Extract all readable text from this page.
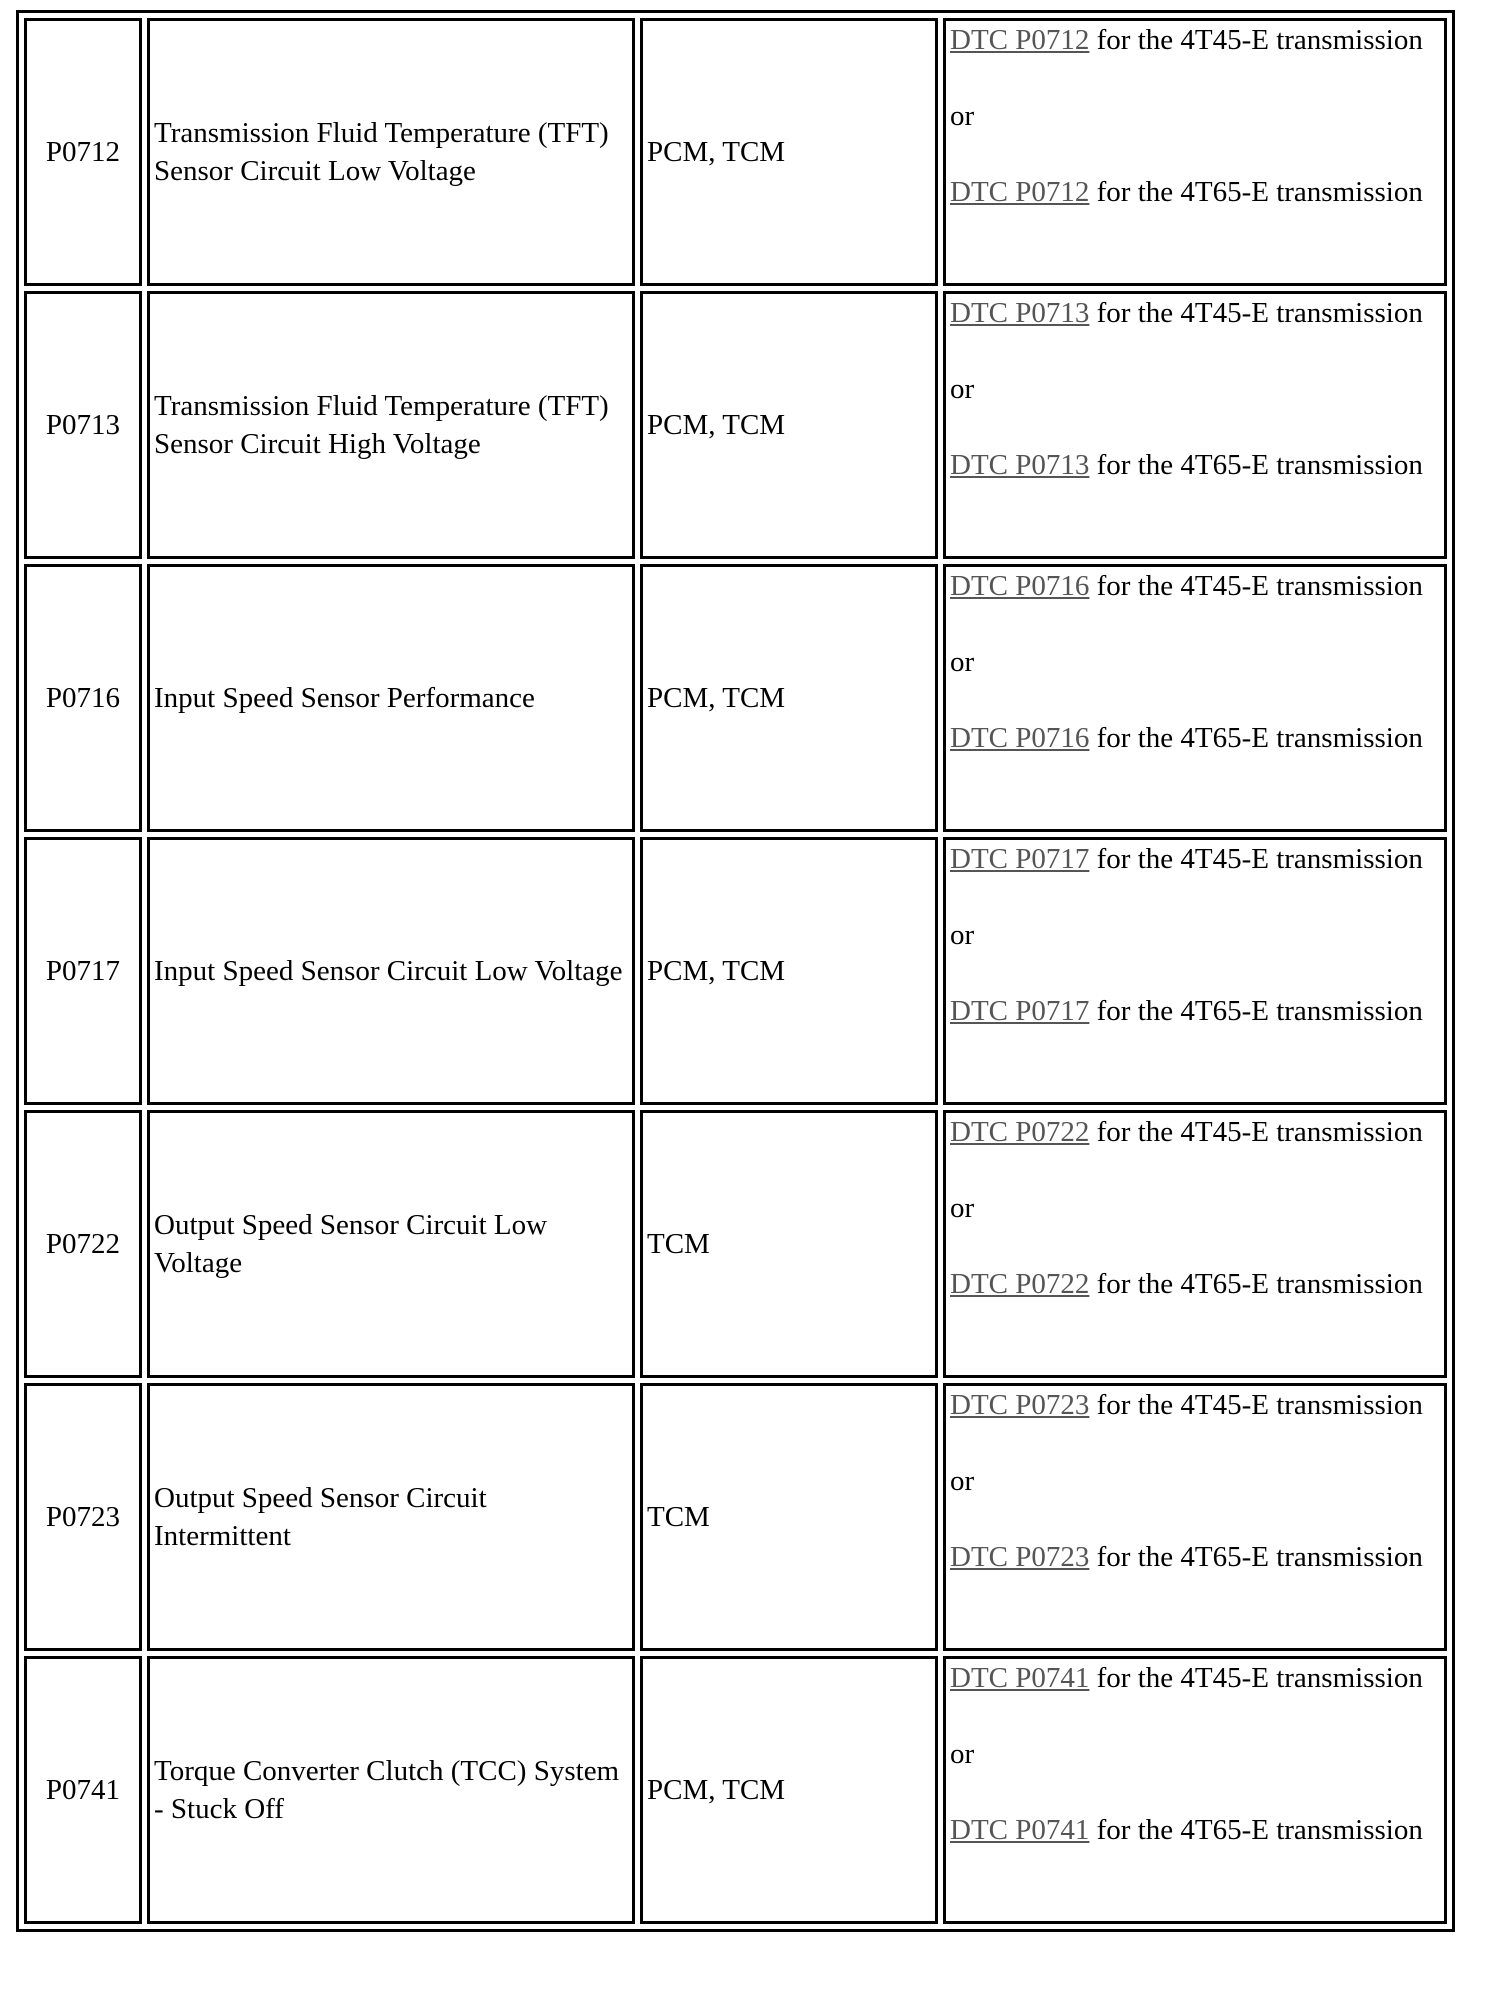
P0712	Transmission Fluid Temperature (TFT) Sensor Circuit Low Voltage	PCM, TCM	DTC P0712 for the 4T45-E transmission
or
DTC P0712 for the 4T65-E transmission

P0713	Transmission Fluid Temperature (TFT) Sensor Circuit High Voltage	PCM, TCM	DTC P0713 for the 4T45-E transmission
or
DTC P0713 for the 4T65-E transmission

P0716	Input Speed Sensor Performance	PCM, TCM	DTC P0716 for the 4T45-E transmission
or
DTC P0716 for the 4T65-E transmission

P0717	Input Speed Sensor Circuit Low Voltage	PCM, TCM	DTC P0717 for the 4T45-E transmission
or
DTC P0717 for the 4T65-E transmission

P0722	Output Speed Sensor Circuit Low Voltage	TCM	DTC P0722 for the 4T45-E transmission
or
DTC P0722 for the 4T65-E transmission

P0723	Output Speed Sensor Circuit Intermittent	TCM	DTC P0723 for the 4T45-E transmission
or
DTC P0723 for the 4T65-E transmission

P0741	Torque Converter Clutch (TCC) System - Stuck Off	PCM, TCM	DTC P0741 for the 4T45-E transmission
or
DTC P0741 for the 4T65-E transmission
